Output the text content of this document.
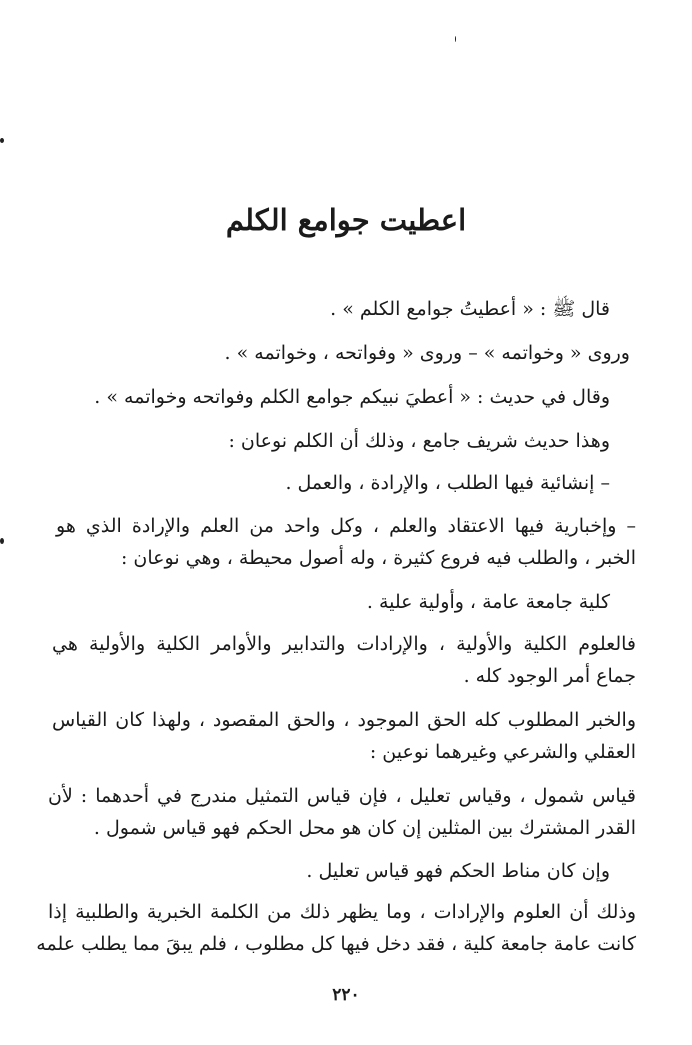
اعطيت جوامع الكلم
قال ﷺ : « أعطيتُ جوامع الكلم » .
وروى « وخواتمه » – وروى « وفواتحه ، وخواتمه » .
وقال في حديث : « أعطيَ نبيكم جوامع الكلم وفواتحه وخواتمه » .
وهذا حديث شريف جامع ، وذلك أن الكلم نوعان :
– إنشائية فيها الطلب ، والإرادة ، والعمل .
– وإخبارية فيها الاعتقاد والعلم ، وكل واحد من العلم والإرادة الذي هو
الخبر ، والطلب فيه فروع كثيرة ، وله أصول محيطة ، وهي نوعان :
كلية جامعة عامة ، وأولية علية .
فالعلوم الكلية والأولية ، والإرادات والتدابير والأوامر الكلية والأولية هي
جماع أمر الوجود كله .
والخبر المطلوب كله الحق الموجود ، والحق المقصود ، ولهذا كان القياس
العقلي والشرعي وغيرهما نوعين :
قياس شمول ، وقياس تعليل ، فإن قياس التمثيل مندرج في أحدهما : لأن
القدر المشترك بين المثلين إن كان هو محل الحكم فهو قياس شمول .
وإن كان مناط الحكم فهو قياس تعليل .
وذلك أن العلوم والإرادات ، وما يظهر ذلك من الكلمة الخبرية والطلبية إذا
كانت عامة جامعة كلية ، فقد دخل فيها كل مطلوب ، فلم يبقَ مما يطلب علمه
٢٢٠
